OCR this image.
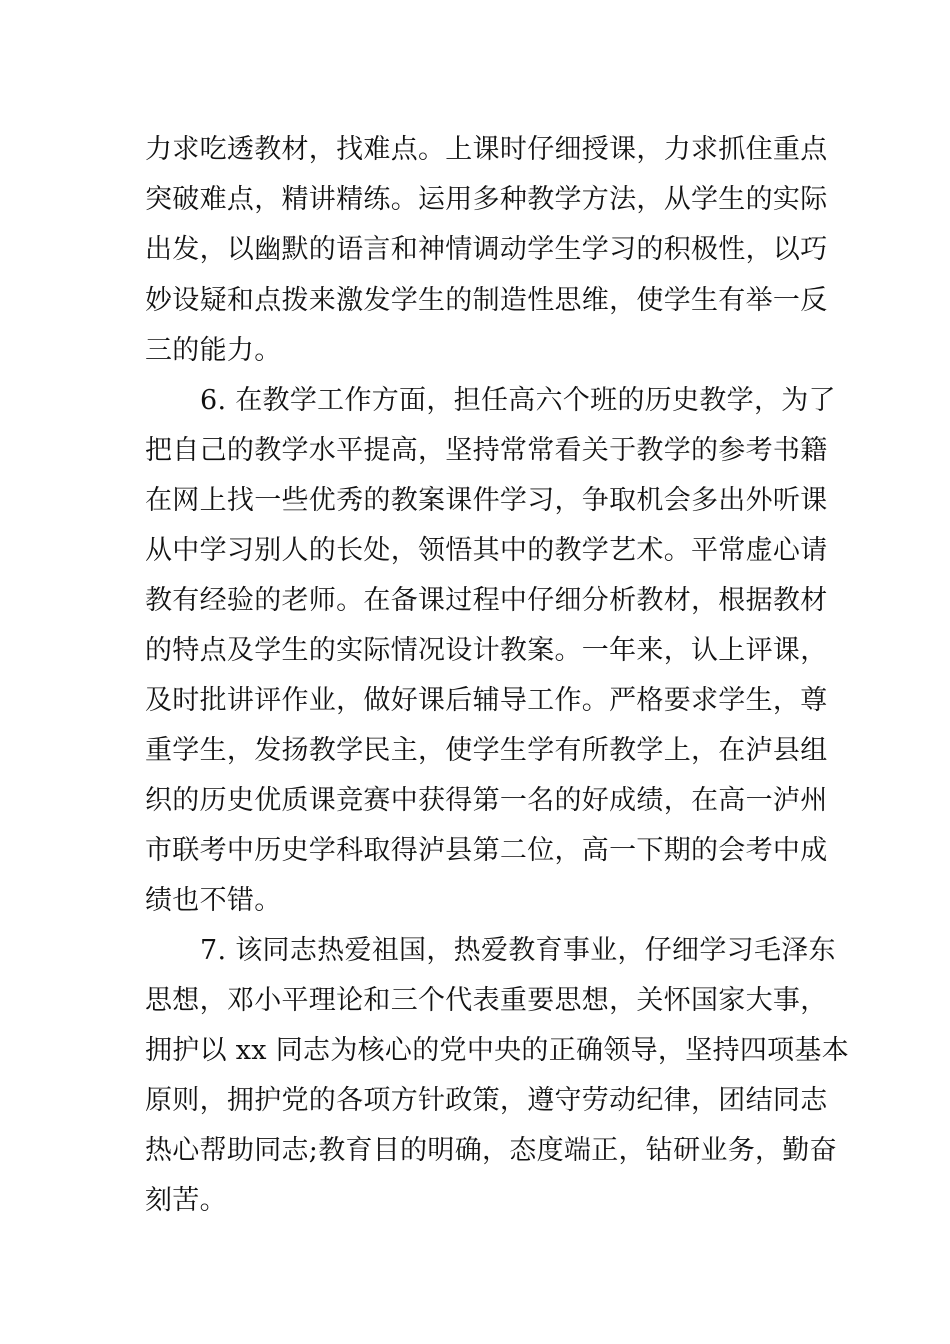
力求吃透教材，找难点。上课时仔细授课，力求抓住重点
突破难点，精讲精练。运用多种教学方法，从学生的实际
出发，以幽默的语言和神情调动学生学习的积极性，以巧
妙设疑和点拨来激发学生的制造性思维，使学生有举一反
三的能力。
6. 在教学工作方面，担任高六个班的历史教学，为了
把自己的教学水平提高，坚持常常看关于教学的参考书籍
在网上找一些优秀的教案课件学习，争取机会多出外听课
从中学习别人的长处，领悟其中的教学艺术。平常虚心请
教有经验的老师。在备课过程中仔细分析教材，根据教材
的特点及学生的实际情况设计教案。一年来，认上评课，
及时批讲评作业，做好课后辅导工作。严格要求学生，尊
重学生，发扬教学民主，使学生学有所教学上，在泸县组
织的历史优质课竞赛中获得第一名的好成绩，在高一泸州
市联考中历史学科取得泸县第二位，高一下期的会考中成
绩也不错。
7. 该同志热爱祖国，热爱教育事业，仔细学习毛泽东
思想，邓小平理论和三个代表重要思想，关怀国家大事，
拥护以 xx 同志为核心的党中央的正确领导，坚持四项基本
原则，拥护党的各项方针政策，遵守劳动纪律，团结同志
热心帮助同志;教育目的明确，态度端正，钻研业务，勤奋
刻苦。
